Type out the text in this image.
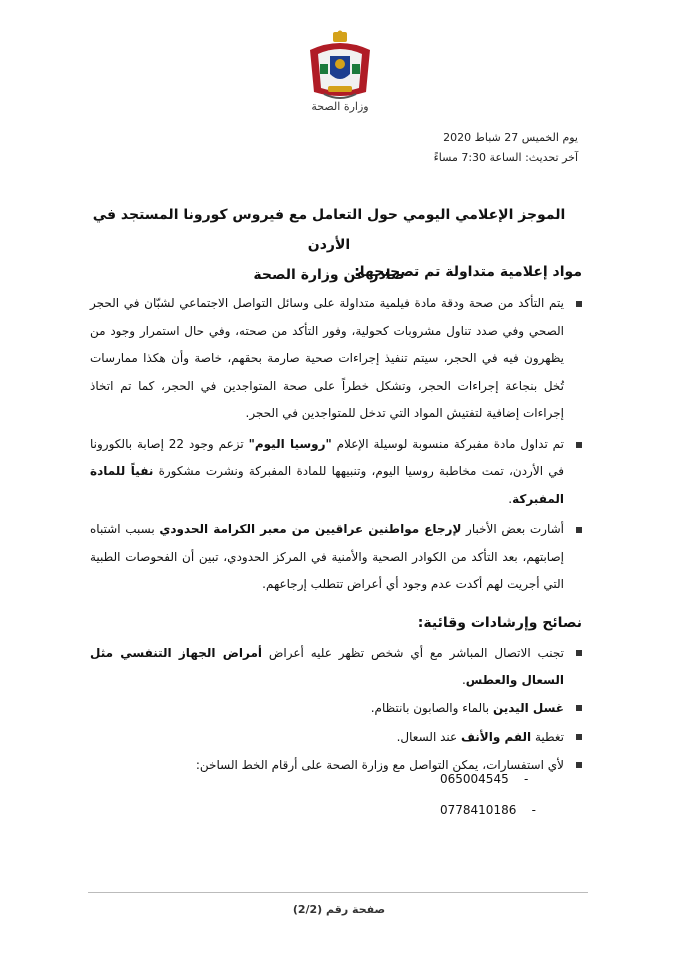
وزارة الصحة
يوم الخميس 27 شباط 2020
آخر تحديث: الساعة 7:30 مساءً
الموجز الإعلامي اليومي حول التعامل مع فيروس كورونا المستجد في الأردن
صادر عن وزارة الصحة
مواد إعلامية متداولة تم تصحيحها:
يتم التأكد من صحة ودقة مادة فيلمية متداولة على وسائل التواصل الاجتماعي لشبّان في الحجر الصحي وفي صدد تناول مشروبات كحولية، وفور التأكد من صحته، وفي حال استمرار وجود من يظهرون فيه في الحجر، سيتم تنفيذ إجراءات صحية صارمة بحقهم، خاصة وأن هكذا ممارسات تُخل بنجاعة إجراءات الحجر، وتشكل خطراً على صحة المتواجدين في الحجر، كما تم اتخاذ إجراءات إضافية لتفتيش المواد التي تدخل للمتواجدين في الحجر.
تم تداول مادة مفبركة منسوبة لوسيلة الإعلام "روسيا اليوم" تزعم وجود 22 إصابة بالكورونا في الأردن، تمت مخاطبة روسيا اليوم، وتنبيهها للمادة المفبركة ونشرت مشكورة نفياً للمادة المفبركة.
أشارت بعض الأخبار لإرجاع مواطنين عراقيين من معبر الكرامة الحدودي بسبب اشتباه إصابتهم، بعد التأكد من الكوادر الصحية والأمنية في المركز الحدودي، تبين أن الفحوصات الطبية التي أجريت لهم أكدت عدم وجود أي أعراض تتطلب إرجاعهم.
نصائح وإرشادات وقائية:
تجنب الاتصال المباشر مع أي شخص تظهر عليه أعراض أمراض الجهاز التنفسي مثل السعال والعطس.
غسل اليدين بالماء والصابون بانتظام.
تغطية الفم والأنف عند السعال.
لأي استفسارات، يمكن التواصل مع وزارة الصحة على أرقام الخط الساخن:
065004545 -
0778410186 -
صفحة رقم (2/2)
